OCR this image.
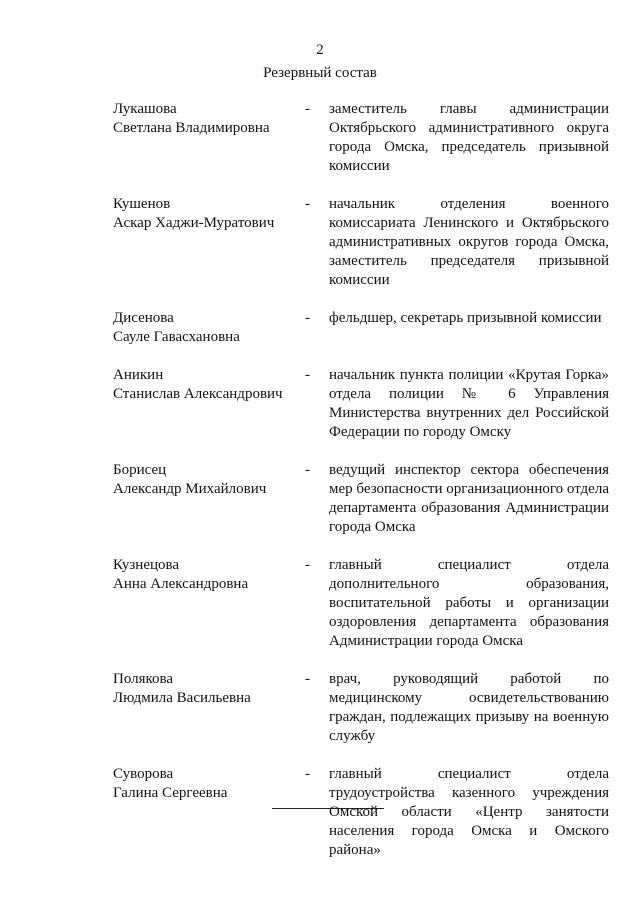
2
Резервный состав
Лукашова
Светлана Владимировна
-	заместитель главы администрации Октябрьского административного округа города Омска, председатель призывной комиссии
Кушенов
Аскар Хаджи-Муратович
-	начальник отделения военного комиссариата Ленинского и Октябрьского административных округов города Омска, заместитель председателя призывной комиссии
Дисенова
Сауле Гавасхановна
-	фельдшер, секретарь призывной комиссии
Аникин
Станислав Александрович
-	начальник пункта полиции «Крутая Горка» отдела полиции № 6 Управления Министерства внутренних дел Российской Федерации по городу Омску
Борисец
Александр Михайлович
-	ведущий инспектор сектора обеспечения мер безопасности организационного отдела департамента образования Администрации города Омска
Кузнецова
Анна Александровна
-	главный специалист отдела дополнительного образования, воспитательной работы и организации оздоровления департамента образования Администрации города Омска
Полякова
Людмила Васильевна
-	врач, руководящий работой по медицинскому освидетельствованию граждан, подлежащих призыву на военную службу
Суворова
Галина Сергеевна
-	главный специалист отдела трудоустройства казенного учреждения Омской области «Центр занятости населения города Омска и Омского района»
